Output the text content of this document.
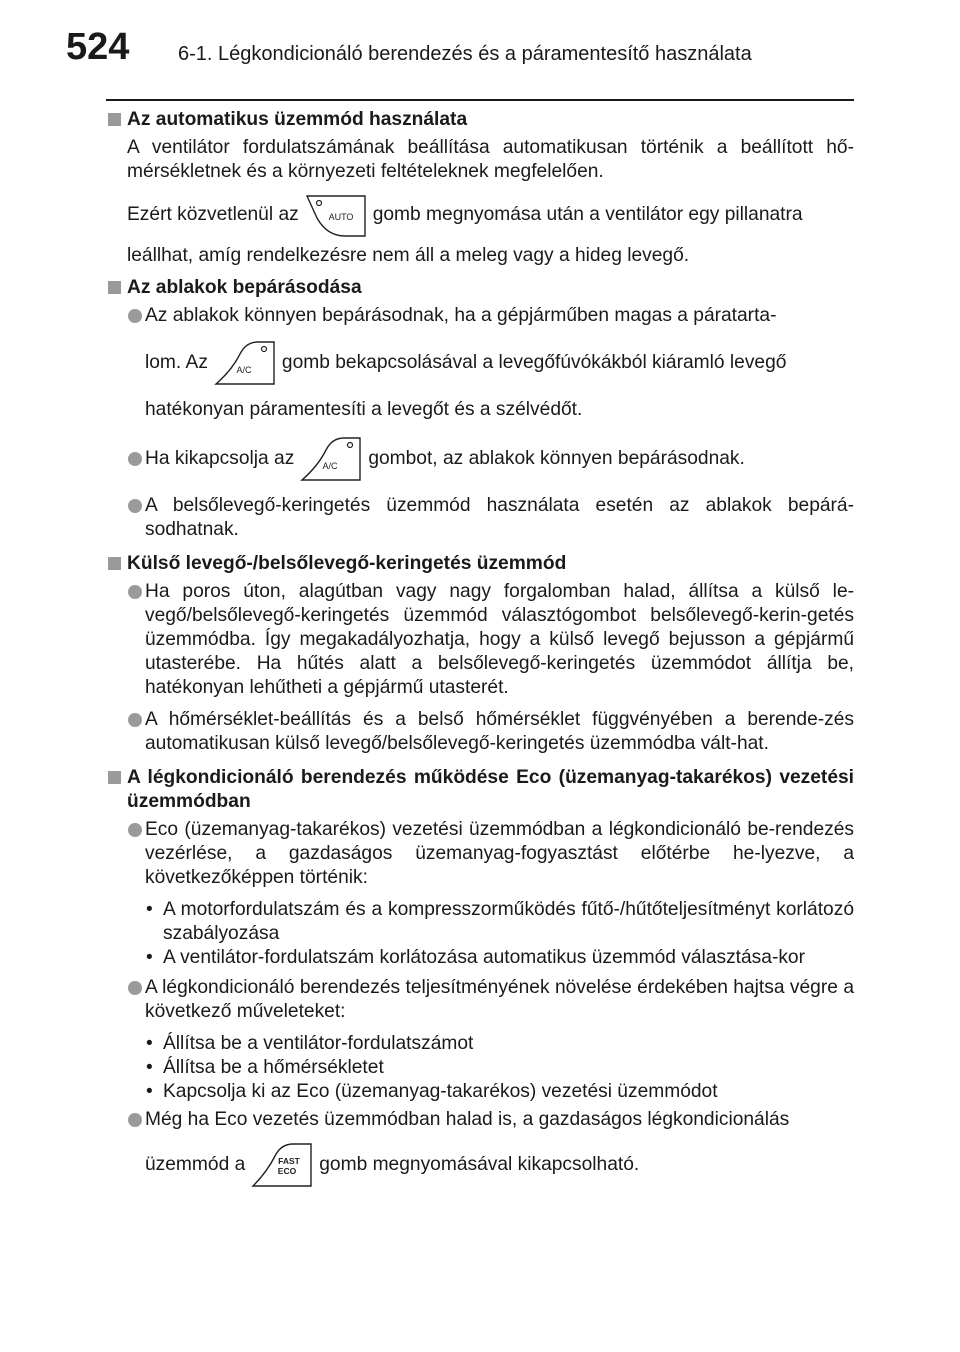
524 6-1. Légkondicionáló berendezés és a páramentesítő használata
Az automatikus üzemmód használata
A ventilátor fordulatszámának beállítása automatikusan történik a beállított hő-mérsékletnek és a környezeti feltételeknek megfelelően.
Ezért közvetlenül az	AUTO gomb megnyomása után a ventilátor egy pillanatra
leállhat, amíg rendelkezésre nem áll a meleg vagy a hideg levegő.
Az ablakok bepárásodása
Az ablakok könnyen bepárásodnak, ha a gépjárműben magas a páratarta-
lom. Az	A/C gomb bekapcsolásával a levegőfúvókákból kiáramló levegő
hatékonyan páramentesíti a levegőt és a szélvédőt.
Ha kikapcsolja az	A/C gombot, az ablakok könnyen bepárásodnak.
A belsőlevegő-keringetés üzemmód használata esetén az ablakok bepárá-sodhatnak.
Külső levegő-/belsőlevegő-keringetés üzemmód
Ha poros úton, alagútban vagy nagy forgalomban halad, állítsa a külső le-vegő/belsőlevegő-keringetés üzemmód választógombot belsőlevegő-kerin-getés üzemmódba. Így megakadályozhatja, hogy a külső levegő bejusson a gépjármű utasterébe. Ha hűtés alatt a belsőlevegő-keringetés üzemmódot állítja be, hatékonyan lehűtheti a gépjármű utasterét.
A hőmérséklet-beállítás és a belső hőmérséklet függvényében a berende-zés automatikusan külső levegő/belsőlevegő-keringetés üzemmódba vált-hat.
A légkondicionáló berendezés működése Eco (üzemanyag-takarékos) vezetési üzemmódban
Eco (üzemanyag-takarékos) vezetési üzemmódban a légkondicionáló be-rendezés vezérlése, a gazdaságos üzemanyag-fogyasztást előtérbe he-lyezve, a következőképpen történik:
• A motorfordulatszám és a kompresszorműködés fűtő-/hűtőteljesítményt korlátozó szabályozása
• A ventilátor-fordulatszám korlátozása automatikus üzemmód választása-kor
A légkondicionáló berendezés teljesítményének növelése érdekében hajtsa végre a következő műveleteket:
• Állítsa be a ventilátor-fordulatszámot
• Állítsa be a hőmérsékletet
• Kapcsolja ki az Eco (üzemanyag-takarékos) vezetési üzemmódot
Még ha Eco vezetés üzemmódban halad is, a gazdaságos légkondicionálás
üzemmód a	FAST
ECO gomb megnyomásával kikapcsolható.
